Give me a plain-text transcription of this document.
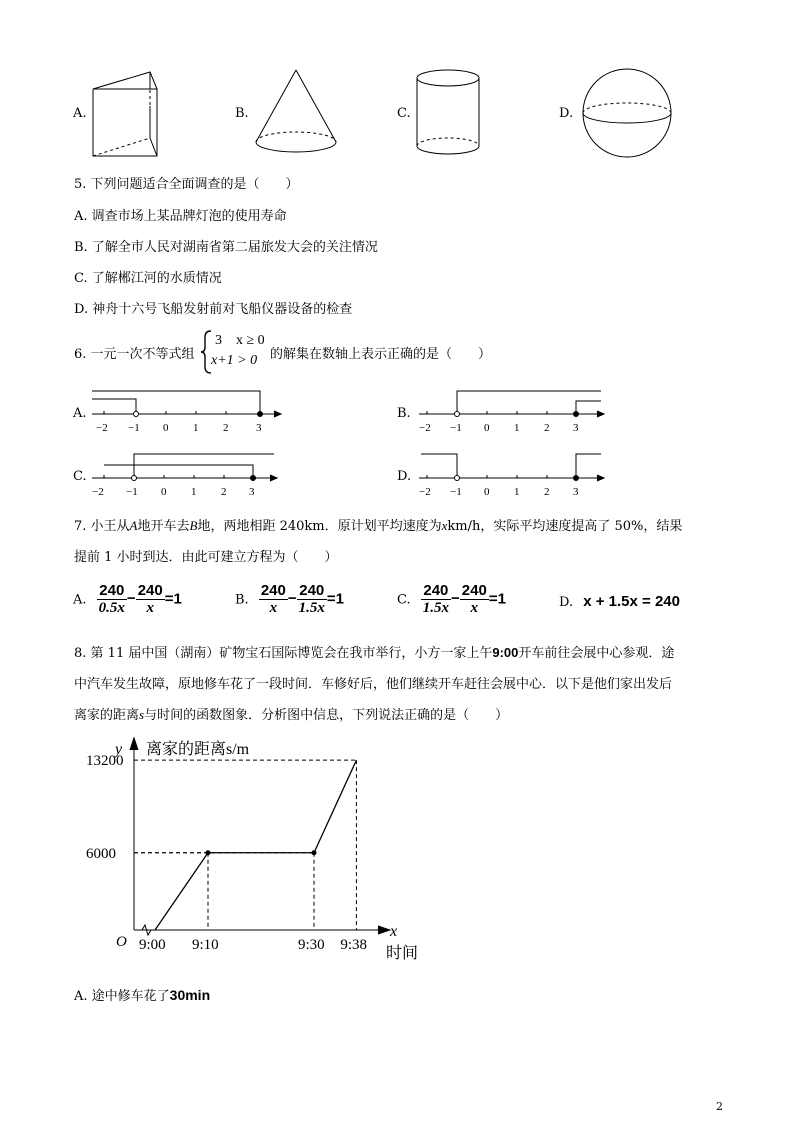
A.	B.	C.	D.
5. 下列问题适合全面调查的是（　　）
A. 调查市场上某品牌灯泡的使用寿命
B. 了解全市人民对湖南省第二届旅发大会的关注情况
C. 了解郴江河的水质情况
D. 神舟十六号飞船发射前对飞船仪器设备的检查
6. 一元一次不等式组
3　x ≥ 0
x+1 > 0 的解集在数轴上表示正确的是（　　）
A.	B.
C.	D.
−2 −1 0 1 2	3	−2 −1 0 1 2 3
−2 −1 0 1 2 3	−2 −1 0 1 2 3
7. 小王从A地开车去B地，两地相距 240km．原计划平均速度为xkm/h，实际平均速度提高了 50%，结果
提前 1 小时到达．由此可建立方程为（　　）
A. $\frac{240}{0.5x} - \frac{240}{x} =1$	B. $\frac{240}{x} - \frac{240}{1.5x} =1$	C. $\frac{240}{1.5x} - \frac{240}{x} =1$	D. x + 1.5x = 240
8. 第 11 届中国（湖南）矿物宝石国际博览会在我市举行，小方一家上午9:00开车前往会展中心参观．途
中汽车发生故障，原地修车花了一段时间．车修好后，他们继续开车赶往会展中心．以下是他们家出发后
离家的距离s与时间的函数图象．分析图中信息，下列说法正确的是（　　）
9:00 9:10	9:30 9:38
13200
6000
y 离家的距离s/m
x
时间
O
A. 途中修车花了30min
2
